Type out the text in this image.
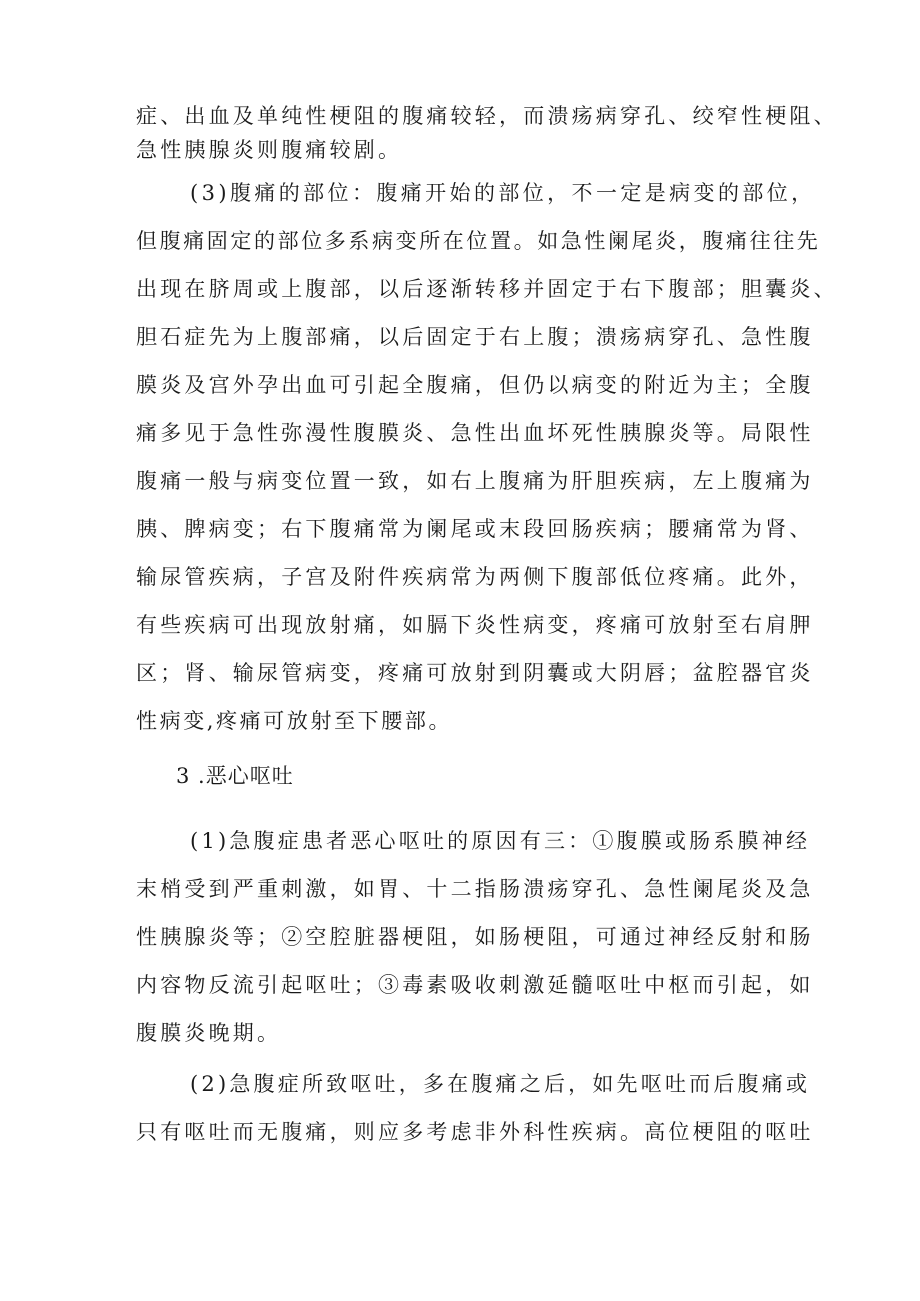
症、出血及单纯性梗阻的腹痛较轻，而溃疡病穿孔、绞窄性梗阻、
急性胰腺炎则腹痛较剧。
(3)腹痛的部位：腹痛开始的部位，不一定是病变的部位，
但腹痛固定的部位多系病变所在位置。如急性阑尾炎，腹痛往往先
出现在脐周或上腹部，以后逐渐转移并固定于右下腹部；胆囊炎、
胆石症先为上腹部痛，以后固定于右上腹；溃疡病穿孔、急性腹
膜炎及宫外孕出血可引起全腹痛，但仍以病变的附近为主；全腹
痛多见于急性弥漫性腹膜炎、急性出血坏死性胰腺炎等。局限性
腹痛一般与病变位置一致，如右上腹痛为肝胆疾病，左上腹痛为
胰、脾病变；右下腹痛常为阑尾或末段回肠疾病；腰痛常为肾、
输尿管疾病，子宫及附件疾病常为两侧下腹部低位疼痛。此外，
有些疾病可出现放射痛，如膈下炎性病变，疼痛可放射至右肩胛
区；肾、输尿管病变，疼痛可放射到阴囊或大阴唇；盆腔器官炎
性病变,疼痛可放射至下腰部。
3 .恶心呕吐
(1)急腹症患者恶心呕吐的原因有三：①腹膜或肠系膜神经
末梢受到严重刺激，如胃、十二指肠溃疡穿孔、急性阑尾炎及急
性胰腺炎等；②空腔脏器梗阻，如肠梗阻，可通过神经反射和肠
内容物反流引起呕吐；③毒素吸收刺激延髓呕吐中枢而引起，如
腹膜炎晚期。
(2)急腹症所致呕吐，多在腹痛之后，如先呕吐而后腹痛或
只有呕吐而无腹痛，则应多考虑非外科性疾病。高位梗阻的呕吐
